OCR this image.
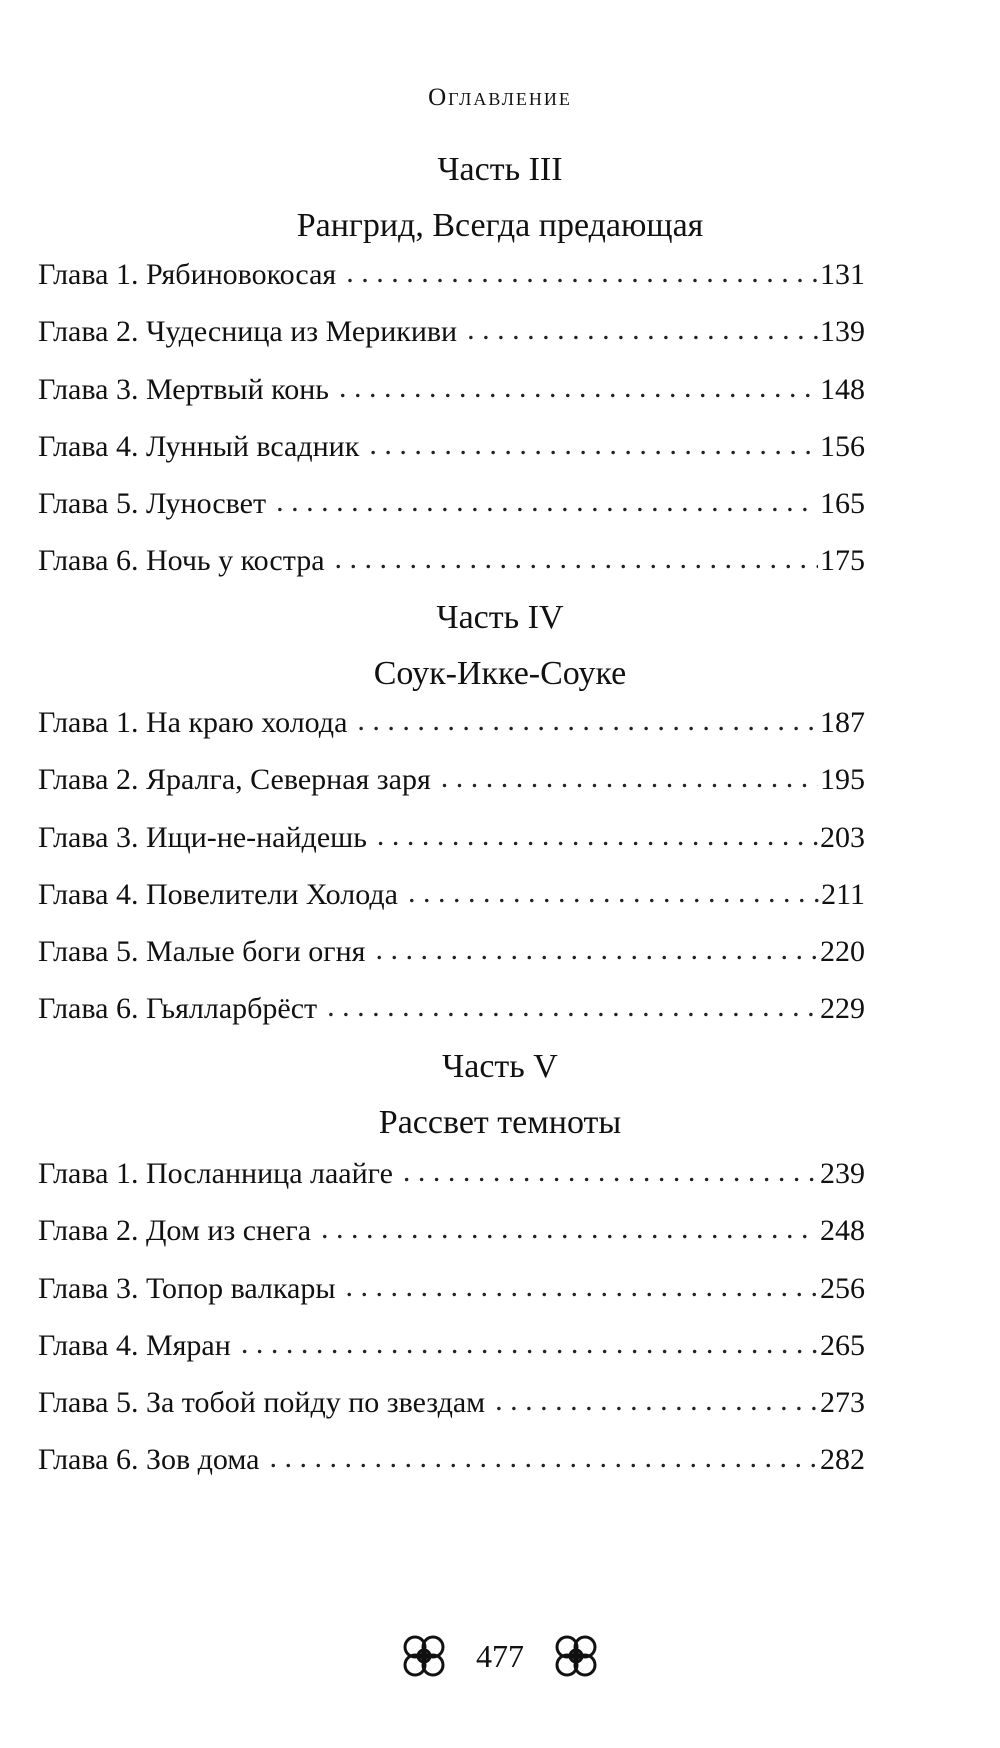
Оглавление
Часть III
Рангрид, Всегда предающая
Глава 1. Рябиновокосая . . .	131
Глава 2. Чудесница из Мерикиви . . .	139
Глава 3. Мертвый конь . . .	148
Глава 4. Лунный всадник . . .	156
Глава 5. Луносвет . . .	165
Глава 6. Ночь у костра . . .	175
Часть IV
Соук-Икке-Соуке
Глава 1. На краю холода . . .	187
Глава 2. Яралга, Северная заря . . .	195
Глава 3. Ищи-не-найдешь . . .	203
Глава 4. Повелители Холода . . .	211
Глава 5. Малые боги огня . . .	220
Глава 6. Гьялларбрёст . . .	229
Часть V
Рассвет темноты
Глава 1. Посланница лаайге . . .	239
Глава 2. Дом из снега . . .	248
Глава 3. Топор валкары . . .	256
Глава 4. Мяран . . .	265
Глава 5. За тобой пойду по звездам . . .	273
Глава 6. Зов дома . . .	282
477
